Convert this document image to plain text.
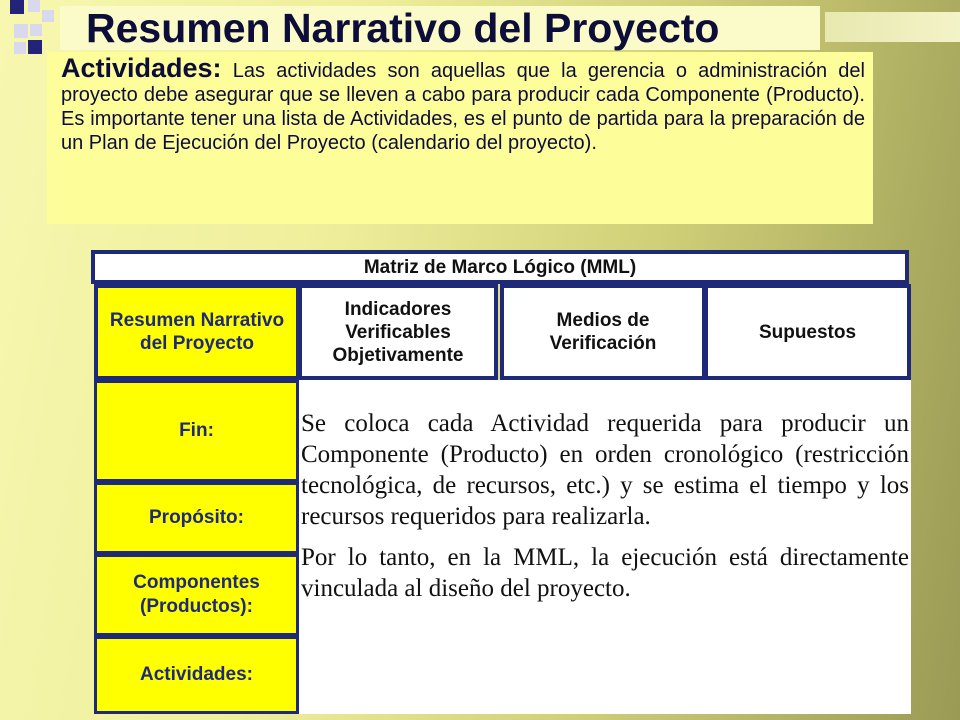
Resumen Narrativo del Proyecto
Actividades: Las actividades son aquellas que la gerencia o administración del proyecto debe asegurar que se lleven a cabo para producir cada Componente (Producto). Es importante tener una lista de Actividades, es el punto de partida para la preparación de un Plan de Ejecución del Proyecto (calendario del proyecto).
Matriz de Marco Lógico (MML)
Resumen Narrativo del Proyecto
Indicadores Verificables Objetivamente
Medios de Verificación
Supuestos
Fin:
Propósito:
Componentes (Productos):
Actividades:

Se coloca cada Actividad requerida para producir un Componente (Producto) en orden cronológico (restricción tecnológica, de recursos, etc.) y se estima el tiempo y los recursos requeridos para realizarla.

Por lo tanto, en la MML, la ejecución está directamente vinculada al diseño del proyecto.
